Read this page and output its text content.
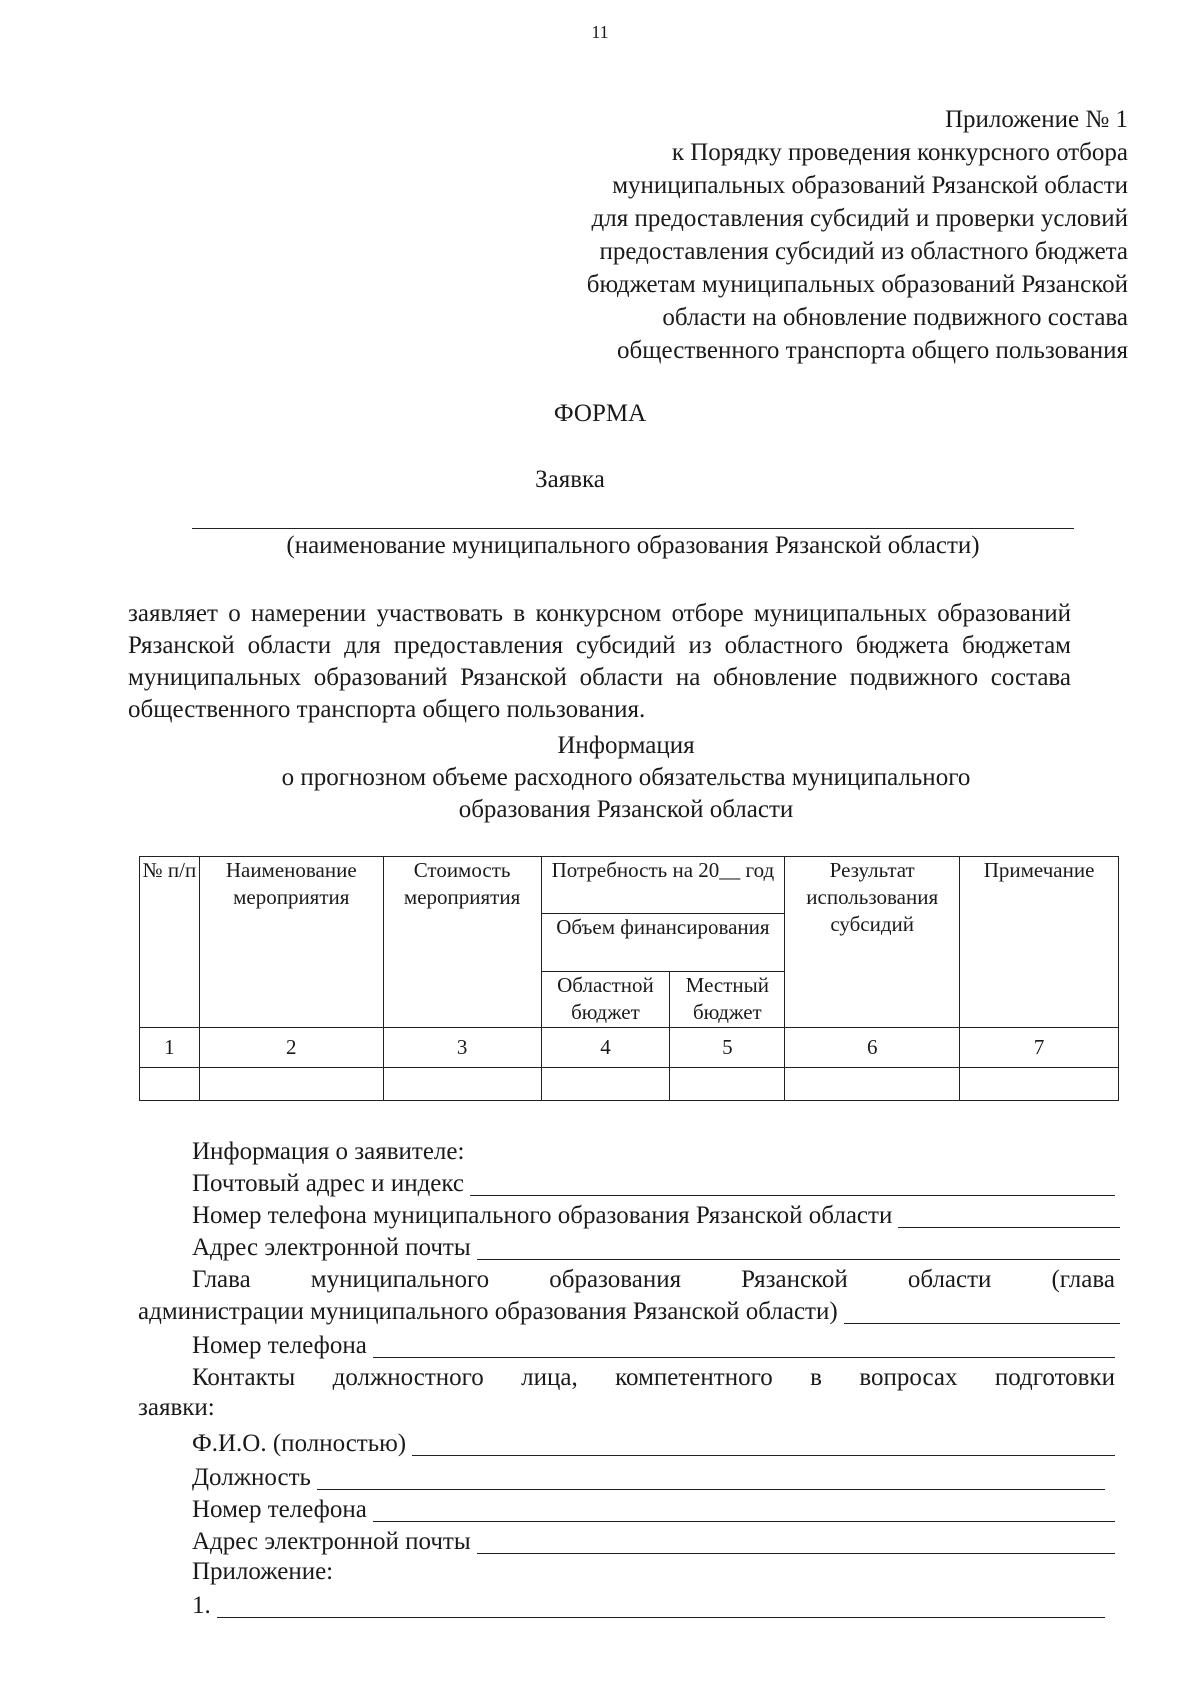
11
Приложение № 1
к Порядку проведения конкурсного отбора
муниципальных образований Рязанской области
для предоставления субсидий и проверки условий
предоставления субсидий из областного бюджета
бюджетам муниципальных образований Рязанской
области на обновление подвижного состава
общественного транспорта общего пользования
ФОРМА
Заявка
(наименование муниципального образования Рязанской области)
заявляет о намерении участвовать в конкурсном отборе муниципальных образований Рязанской области для предоставления субсидий из областного бюджета бюджетам муниципальных образований Рязанской области на обновление подвижного состава общественного транспорта общего пользования.
Информация
о прогнозном объеме расходного обязательства муниципального
образования Рязанской области
№ п/п	Наименование мероприятия	Стоимость мероприятия	Потребность на 20__ год		Результат использования субсидий	Примечание
			Объем финансирования			
			Областной бюджет	Местный бюджет		
1	2	3	4	5	6	7

Информация о заявителе:
Почтовый адрес и индекс
Номер телефона муниципального образования Рязанской области
Адрес электронной почты
Глава муниципального образования Рязанской области (глава
администрации муниципального образования Рязанской области)
Номер телефона
Контакты должностного лица, компетентного в вопросах подготовки
заявки:
Ф.И.О. (полностью)
Должность
Номер телефона
Адрес электронной почты
Приложение:
1.
